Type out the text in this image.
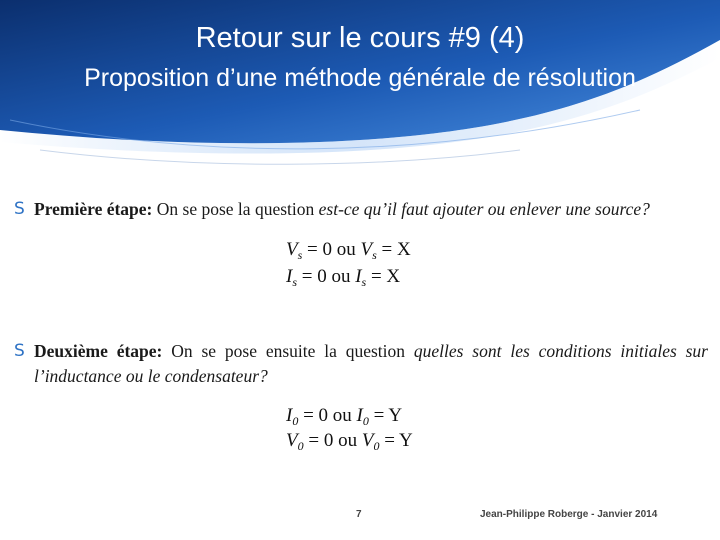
Retour sur le cours #9 (4)
Proposition d’une méthode générale de résolution
S Première étape: On se pose la question est-ce qu’il faut ajouter ou enlever une source?
$V_s = 0$ ou $V_s = X$
$I_s = 0$ ou $I_s = X$
S Deuxième étape: On se pose ensuite la question quelles sont les conditions initiales sur l’inductance ou le condensateur?
$I_0 = 0$ ou $I_0 = Y$
$V_0 = 0$ ou $V_0 = Y$
7	Jean-Philippe Roberge - Janvier 2014
